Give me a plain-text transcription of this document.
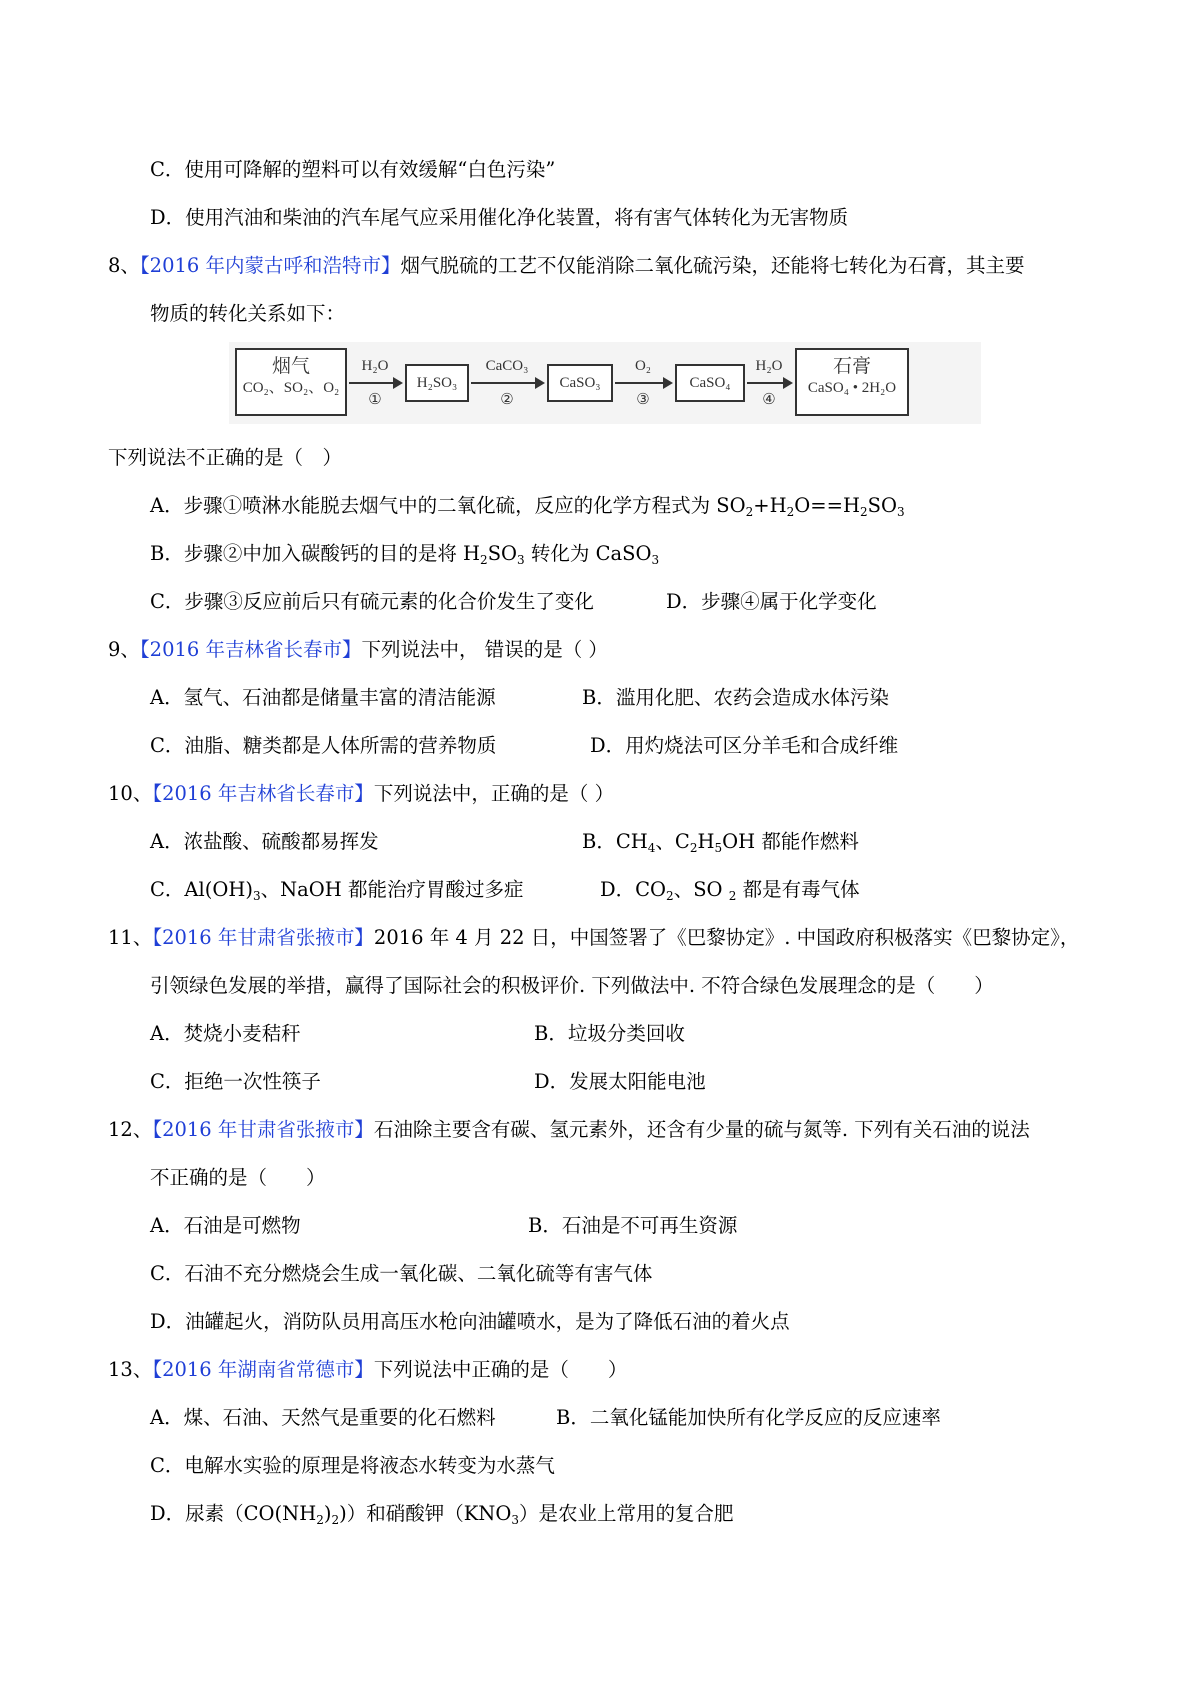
C．使用可降解的塑料可以有效缓解“白色污染”
D．使用汽油和柴油的汽车尾气应采用催化净化装置，将有害气体转化为无害物质
8、【2016 年内蒙古呼和浩特市】烟气脱硫的工艺不仅能消除二氧化硫污染，还能将七转化为石膏，其主要
物质的转化关系如下：
烟气
CO₂、SO₂、O₂
H₂O
①
H₂SO₃
CaCO₃
②
CaSO₃
O₂
③
CaSO₄
H₂O
④
石膏
CaSO₄ • 2H₂O
下列说法不正确的是（　）
A．步骤①喷淋水能脱去烟气中的二氧化硫，反应的化学方程式为 $SO_2+H_2O==H_2SO_3$
B．步骤②中加入碳酸钙的目的是将 $H_2SO_3$ 转化为 CaSO$_3$
C．步骤③反应前后只有硫元素的化合价发生了变化	D．步骤④属于化学变化
9、【2016 年吉林省长春市】下列说法中， 错误的是（ ）
A．氢气、石油都是储量丰富的清洁能源	B．滥用化肥、农药会造成水体污染
C．油脂、糖类都是人体所需的营养物质	D．用灼烧法可区分羊毛和合成纤维
10、【2016 年吉林省长春市】下列说法中，正确的是（ ）
A．浓盐酸、硫酸都易挥发	B．$CH_4$、$C_2H_5OH$ 都能作燃料
C．$Al(OH)_3$、NaOH 都能治疗胃酸过多症	D．$CO_2$、SO $_2$ 都是有毒气体
11、【2016 年甘肃省张掖市】2016 年 4 月 22 日，中国签署了《巴黎协定》. 中国政府积极落实《巴黎协定》，
引领绿色发展的举措，赢得了国际社会的积极评价. 下列做法中. 不符合绿色发展理念的是（　　）
A．焚烧小麦秸秆	B．垃圾分类回收
C．拒绝一次性筷子	D．发展太阳能电池
12、【2016 年甘肃省张掖市】石油除主要含有碳、氢元素外，还含有少量的硫与氮等. 下列有关石油的说法
不正确的是（　　）
A．石油是可燃物	B．石油是不可再生资源
C．石油不充分燃烧会生成一氧化碳、二氧化硫等有害气体
D．油罐起火，消防队员用高压水枪向油罐喷水，是为了降低石油的着火点
13、【2016 年湖南省常德市】下列说法中正确的是（　　）
A．煤、石油、天然气是重要的化石燃料	B．二氧化锰能加快所有化学反应的反应速率
C．电解水实验的原理是将液态水转变为水蒸气
D．尿素$(CO(NH_2)_2)$）和硝酸钾$(KNO_3)$是农业上常用的复合肥
